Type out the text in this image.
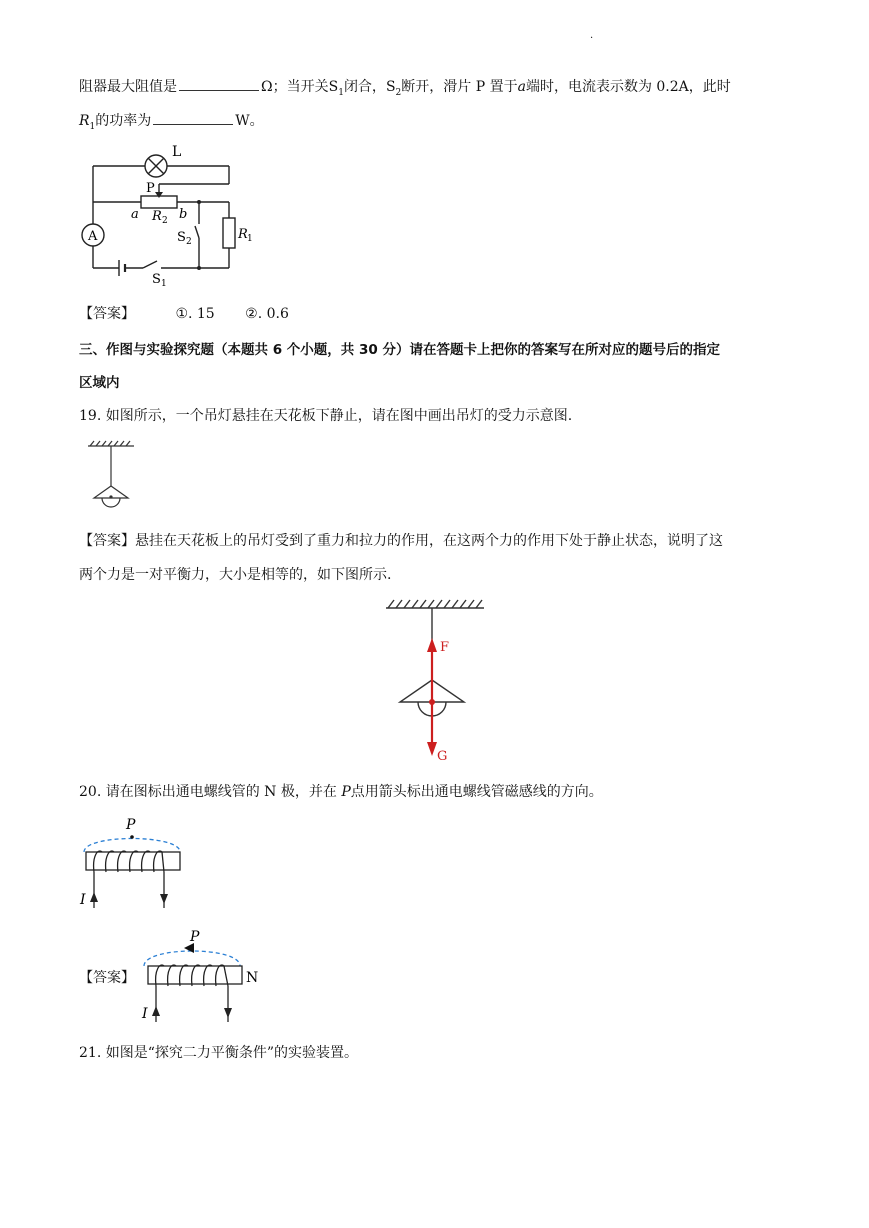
.
阻器最大阻值是	Ω；当开关$S_1$闭合，$S_2$断开，滑片 P 置于a端时，电流表示数为 0.2A，此时
$R_1$的功率为	W。
L
P
a	b
R 2
S 2	R 1
A
S 1
【答案】	①. 15 ②. 0.6
三、作图与实验探究题（本题共 6 个小题，共 30 分）请在答题卡上把你的答案写在所对应的题号后的指定
区域内
19. 如图所示，一个吊灯悬挂在天花板下静止，请在图中画出吊灯的受力示意图.
【答案】悬挂在天花板上的吊灯受到了重力和拉力的作用，在这两个力的作用下处于静止状态，说明了这
两个力是一对平衡力，大小是相等的，如下图所示.
F
G
20. 请在图标出通电螺线管的 N 极，并在 P点用箭头标出通电螺线管磁感线的方向。
P
I
【答案】
P
I
N
21. 如图是“探究二力平衡条件”的实验装置。
